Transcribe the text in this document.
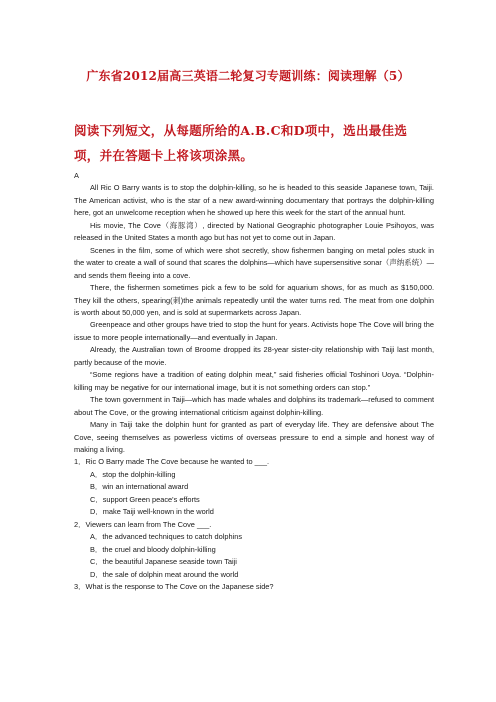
广东省2012届高三英语二轮复习专题训练：阅读理解（5）
阅读下列短文，从每题所给的A.B.C和D项中，选出最佳选项，并在答题卡上将该项涂黑。

A

All Ric O Barry wants is to stop the dolphin-killing, so he is headed to this seaside Japanese town, Taiji. The American activist, who is the star of a new award-winning documentary that portrays the dolphin-killing here, got an unwelcome reception when he showed up here this week for the start of the annual hunt.

His movie, The Cove（海豚湾）, directed by National Geographic photographer Louie Psihoyos, was released in the United States a month ago but has not yet to come out in Japan.

Scenes in the film, some of which were shot secretly, show fishermen banging on metal poles stuck in the water to create a wall of sound that scares the dolphins—which have supersensitive sonar（声纳系统）—and sends them fleeing into a cove.

There, the fishermen sometimes pick a few to be sold for aquarium shows, for as much as $150,000. They kill the others, spearing(刺)the animals repeatedly until the water turns red. The meat from one dolphin is worth about 50,000 yen, and is sold at supermarkets across Japan.

Greenpeace and other groups have tried to stop the hunt for years. Activists hope The Cove will bring the issue to more people internationally—and eventually in Japan.

Already, the Australian town of Broome dropped its 28-year sister-city relationship with Taiji last month, partly because of the movie.

“Some regions have a tradition of eating dolphin meat,” said fisheries official Toshinori Uoya. “Dolphin-killing may be negative for our international image, but it is not something orders can stop.”

The town government in Taiji—which has made whales and dolphins its trademark—refused to comment about The Cove, or the growing international criticism against dolphin-killing.

Many in Taiji take the dolphin hunt for granted as part of everyday life. They are defensive about The Cove, seeing themselves as powerless victims of overseas pressure to end a simple and honest way of making a living.

1．Ric O Barry made The Cove because he wanted to ___.

A．stop the dolphin-killing

B．win an international award

C．support Green peace's efforts

D．make Taiji well-known in the world

2．Viewers can learn from The Cove ___.

A．the advanced techniques to catch dolphins

B．the cruel and bloody dolphin-killing

C．the beautiful Japanese seaside town Taiji

D．the sale of dolphin meat around the world

3．What is the response to The Cove on the Japanese side?
